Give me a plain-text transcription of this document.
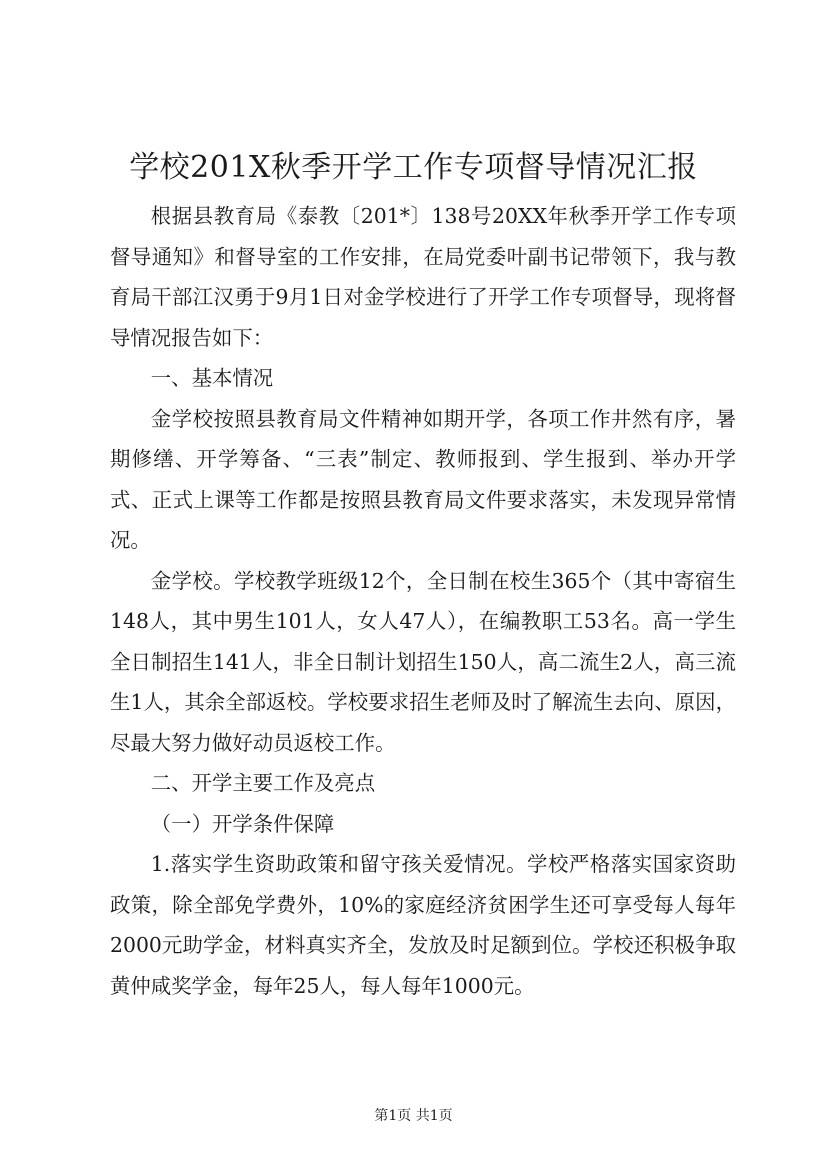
学校201X秋季开学工作专项督导情况汇报

根据县教育局《泰教〔201*〕138号20XX年秋季开学工作专项督导通知》和督导室的工作安排，在局党委叶副书记带领下，我与教育局干部江汉勇于9月1日对金学校进行了开学工作专项督导，现将督导情况报告如下：

一、基本情况

金学校按照县教育局文件精神如期开学，各项工作井然有序，暑期修缮、开学筹备、“三表”制定、教师报到、学生报到、举办开学式、正式上课等工作都是按照县教育局文件要求落实，未发现异常情况。

金学校。学校教学班级12个，全日制在校生365个（其中寄宿生148人，其中男生101人，女人47人），在编教职工53名。高一学生全日制招生141人，非全日制计划招生150人，高二流生2人，高三流生1人，其余全部返校。学校要求招生老师及时了解流生去向、原因，尽最大努力做好动员返校工作。

二、开学主要工作及亮点

（一）开学条件保障

1.落实学生资助政策和留守孩关爱情况。学校严格落实国家资助政策，除全部免学费外，10%的家庭经济贫困学生还可享受每人每年2000元助学金，材料真实齐全，发放及时足额到位。学校还积极争取黄仲咸奖学金，每年25人，每人每年1000元。

第1页 共1页
